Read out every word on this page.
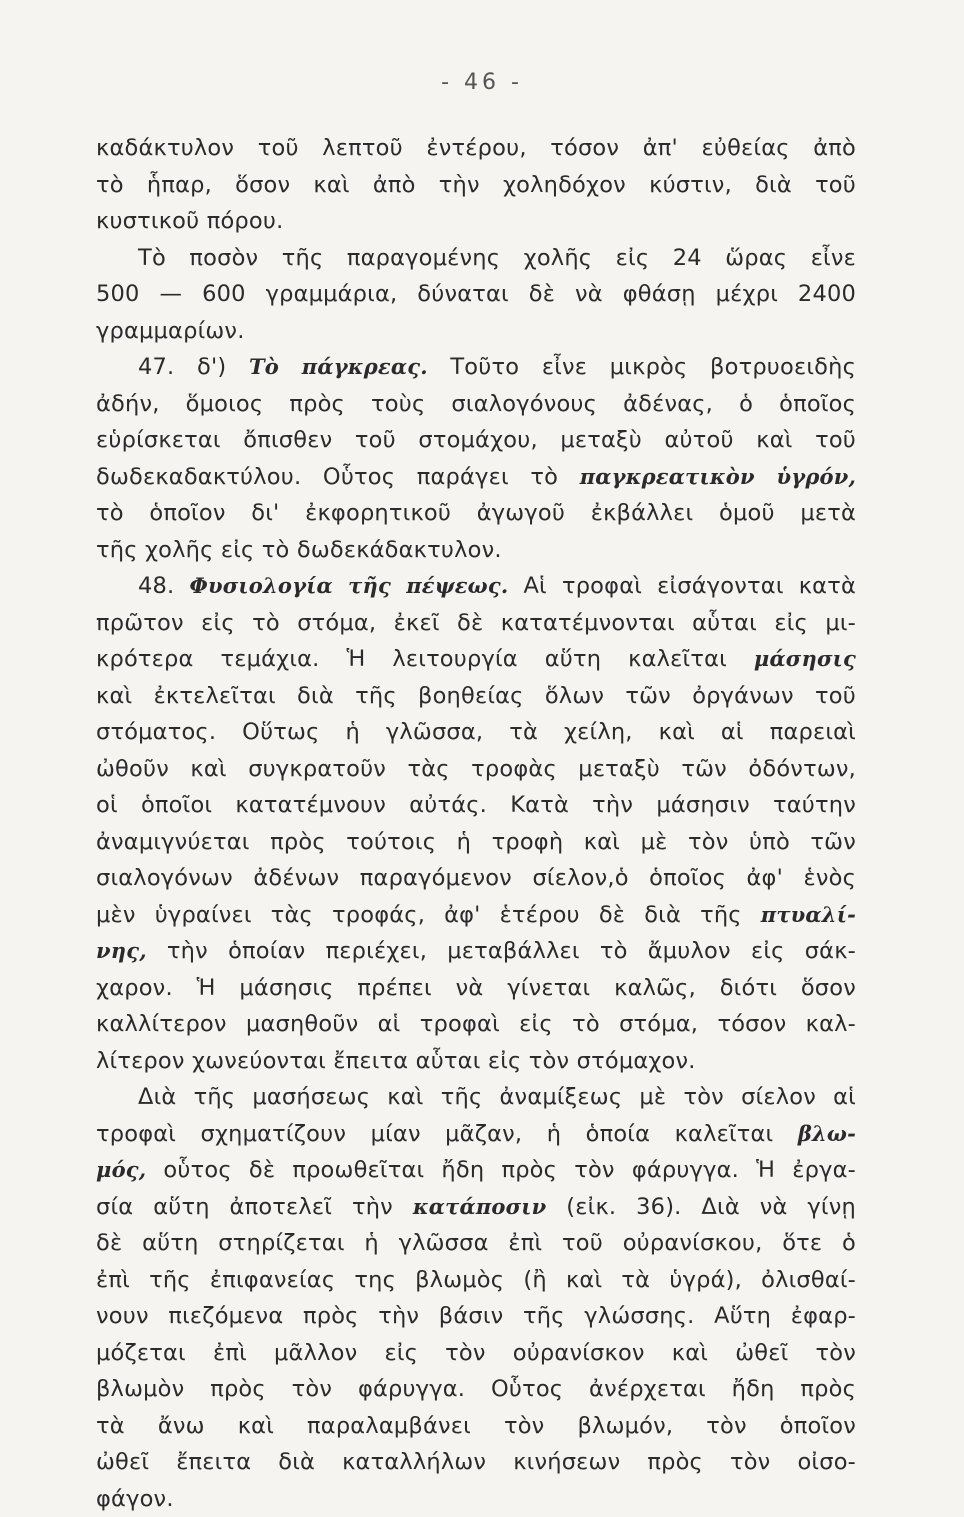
- 46 -
καδάκτυλον τοῦ λεπτοῦ ἐντέρου, τόσον ἀπ' εὐθείας ἀπὸ
τὸ ἧπαρ, ὅσον καὶ ἀπὸ τὴν χοληδόχον κύστιν, διὰ τοῦ
κυστικοῦ πόρου.
Τὸ ποσὸν τῆς παραγομένης χολῆς εἰς 24 ὥρας εἶνε
500 — 600 γραμμάρια, δύναται δὲ νὰ φθάσῃ μέχρι 2400
γραμμαρίων.
47. δ') Τὸ πάγκρεας. Τοῦτο εἶνε μικρὸς βοτρυοειδὴς
ἀδήν, ὅμοιος πρὸς τοὺς σιαλογόνους ἀδένας, ὁ ὁποῖος
εὑρίσκεται ὄπισθεν τοῦ στομάχου, μεταξὺ αὐτοῦ καὶ τοῦ
δωδεκαδακτύλου. Οὗτος παράγει τὸ παγκρεατικὸν ὑγρόν,
τὸ ὁποῖον δι' ἐκφορητικοῦ ἀγωγοῦ ἐκβάλλει ὁμοῦ μετὰ
τῆς χολῆς εἰς τὸ δωδεκάδακτυλον.
48. Φυσιολογία τῆς πέψεως. Αἱ τροφαὶ εἰσάγονται κατὰ
πρῶτον εἰς τὸ στόμα, ἐκεῖ δὲ κατατέμνονται αὗται εἰς μι-
κρότερα τεμάχια. Ἡ λειτουργία αὕτη καλεῖται μάσησις
καὶ ἐκτελεῖται διὰ τῆς βοηθείας ὅλων τῶν ὀργάνων τοῦ
στόματος. Οὕτως ἡ γλῶσσα, τὰ χείλη, καὶ αἱ παρειαὶ
ὠθοῦν καὶ συγκρατοῦν τὰς τροφὰς μεταξὺ τῶν ὀδόντων,
οἱ ὁποῖοι κατατέμνουν αὐτάς. Κατὰ τὴν μάσησιν ταύτην
ἀναμιγνύεται πρὸς τούτοις ἡ τροφὴ καὶ μὲ τὸν ὑπὸ τῶν
σιαλογόνων ἀδένων παραγόμενον σίελον,ὁ ὁποῖος ἀφ' ἑνὸς
μὲν ὑγραίνει τὰς τροφάς, ἀφ' ἑτέρου δὲ διὰ τῆς πτυαλί-
νης, τὴν ὁποίαν περιέχει, μεταβάλλει τὸ ἄμυλον εἰς σάκ-
χαρον. Ἡ μάσησις πρέπει νὰ γίνεται καλῶς, διότι ὅσον
καλλίτερον μασηθοῦν αἱ τροφαὶ εἰς τὸ στόμα, τόσον καλ-
λίτερον χωνεύονται ἔπειτα αὗται εἰς τὸν στόμαχον.
Διὰ τῆς μασήσεως καὶ τῆς ἀναμίξεως μὲ τὸν σίελον αἱ
τροφαὶ σχηματίζουν μίαν μᾶζαν, ἡ ὁποία καλεῖται βλω-
μός, οὗτος δὲ προωθεῖται ἤδη πρὸς τὸν φάρυγγα. Ἡ ἐργα-
σία αὕτη ἀποτελεῖ τὴν κατάποσιν (εἰκ. 36). Διὰ νὰ γίνῃ
δὲ αὕτη στηρίζεται ἡ γλῶσσα ἐπὶ τοῦ οὐρανίσκου, ὅτε ὁ
ἐπὶ τῆς ἐπιφανείας της βλωμὸς (ἢ καὶ τὰ ὑγρά), ὀλισθαί-
νουν πιεζόμενα πρὸς τὴν βάσιν τῆς γλώσσης. Αὕτη ἐφαρ-
μόζεται ἐπὶ μᾶλλον εἰς τὸν οὐρανίσκον καὶ ὠθεῖ τὸν
βλωμὸν πρὸς τὸν φάρυγγα. Οὗτος ἀνέρχεται ἤδη πρὸς
τὰ ἄνω καὶ παραλαμβάνει τὸν βλωμόν, τὸν ὁποῖον
ὠθεῖ ἔπειτα διὰ καταλλήλων κινήσεων πρὸς τὸν οἰσο-
φάγον.
